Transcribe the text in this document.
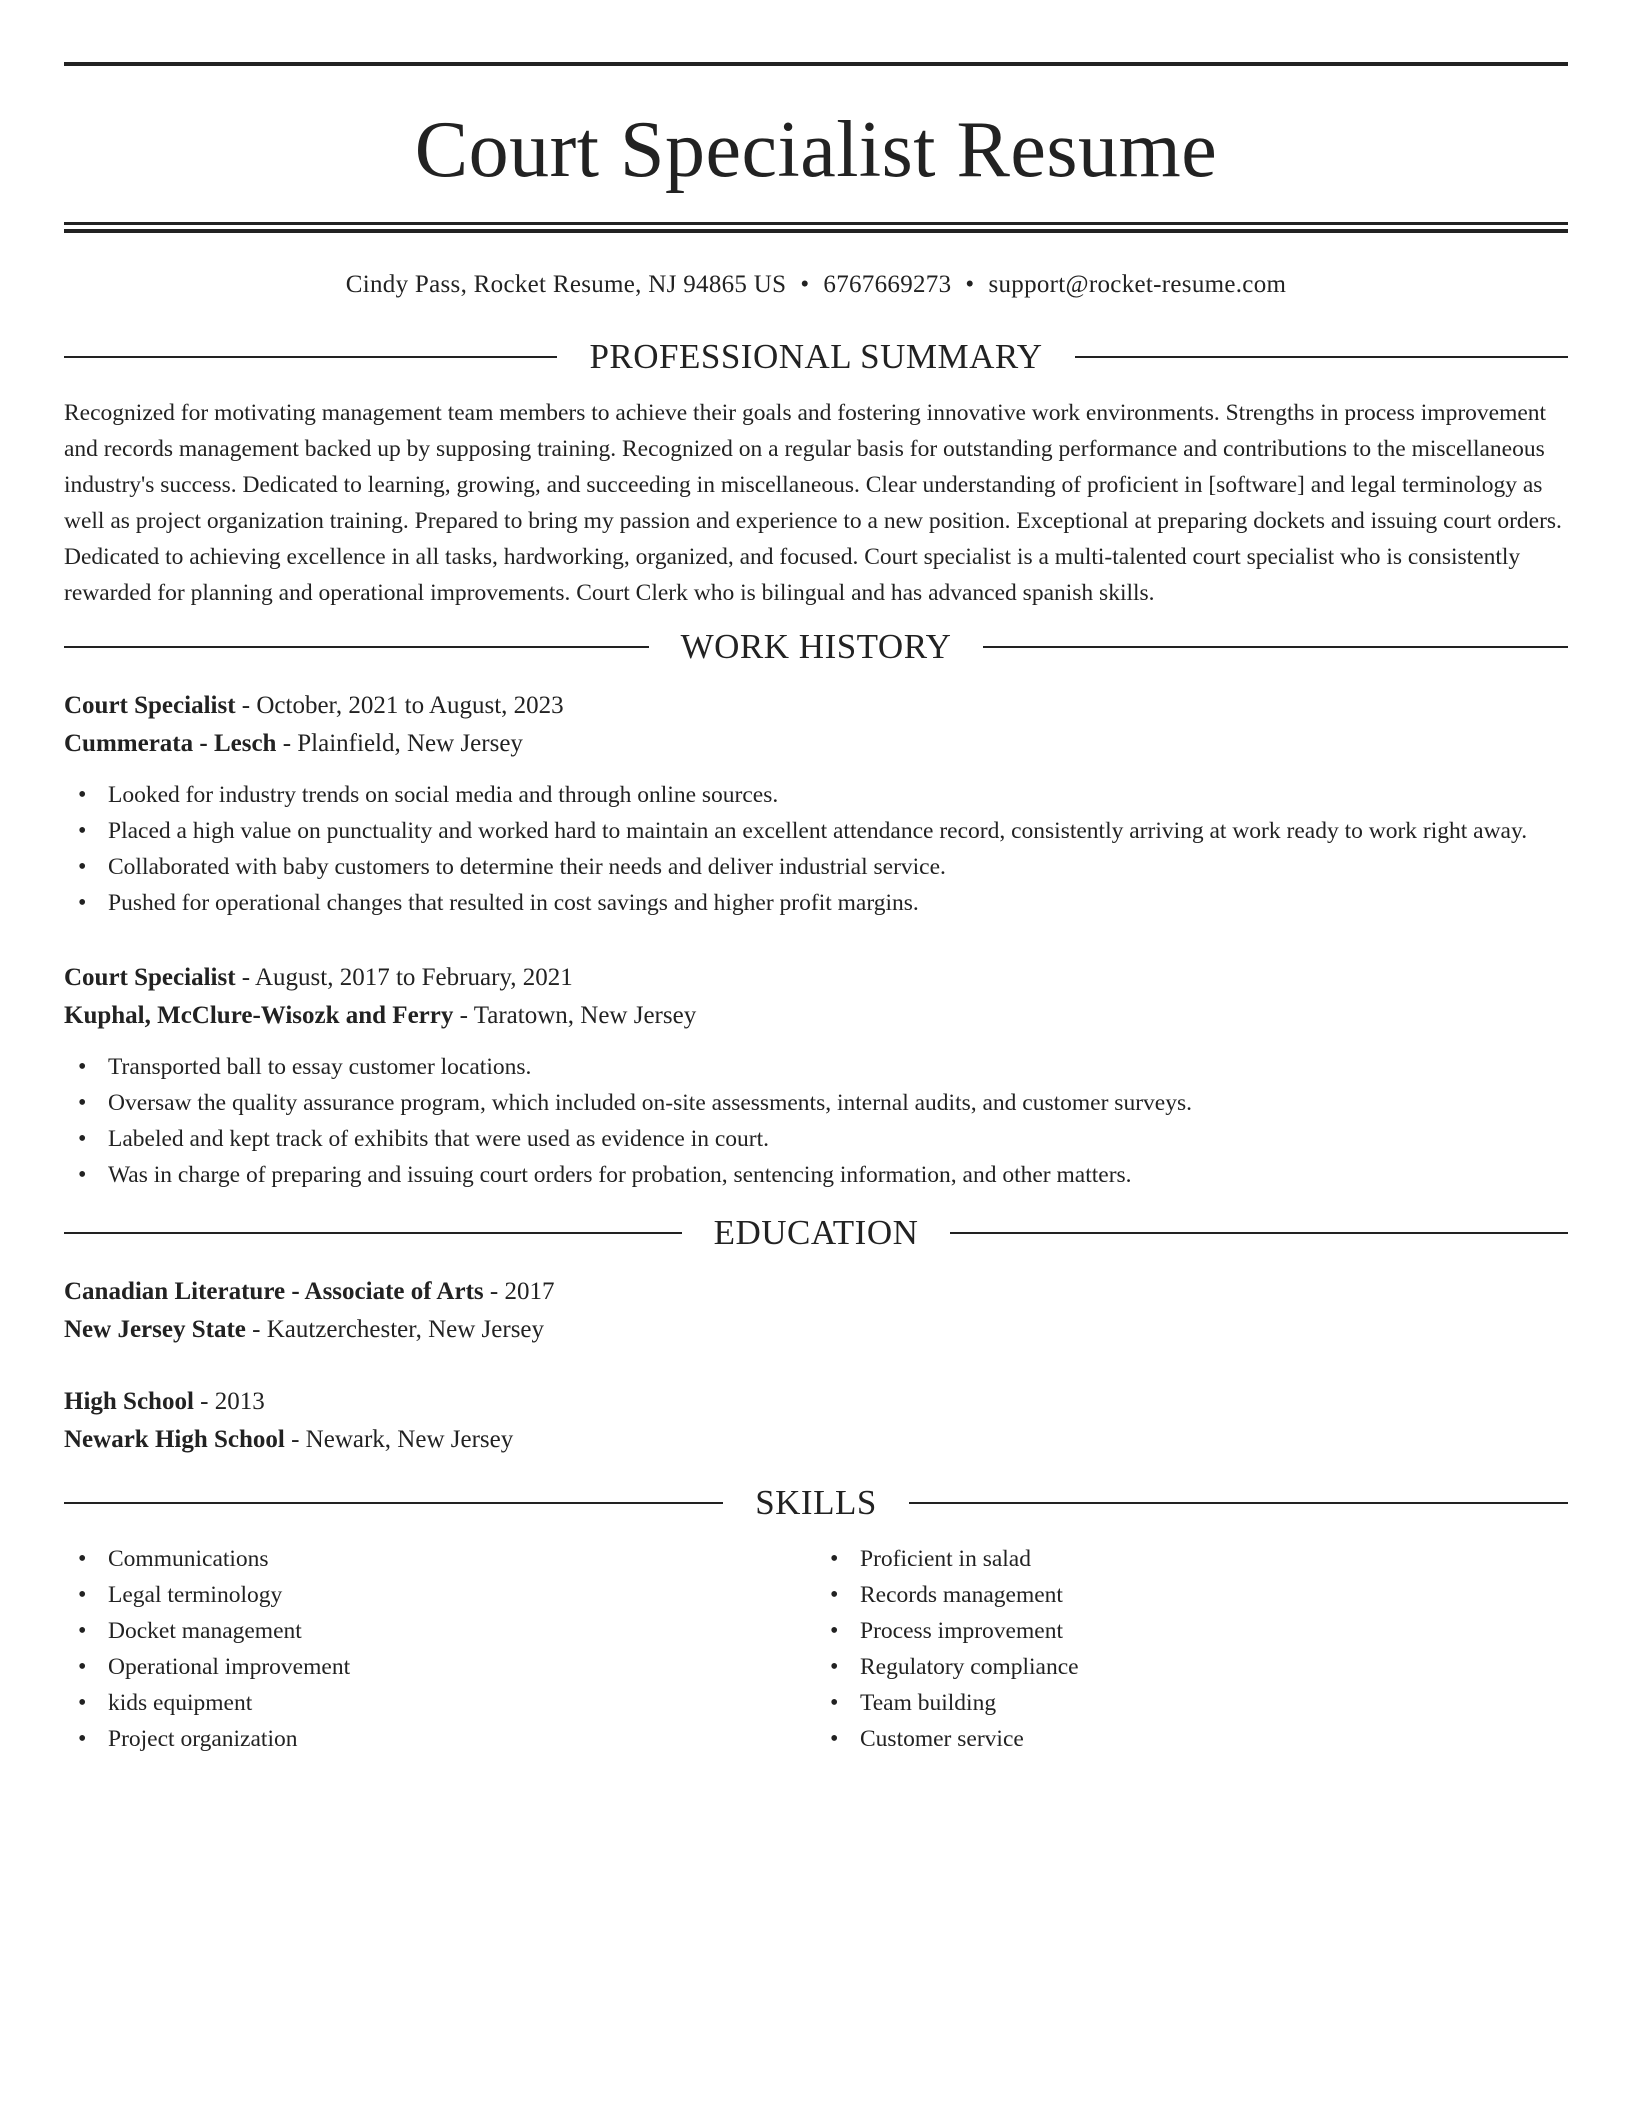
Court Specialist Resume
Cindy Pass, Rocket Resume, NJ 94865 US • 6767669273 • support@rocket-resume.com
PROFESSIONAL SUMMARY

Recognized for motivating management team members to achieve their goals and fostering innovative work environments. Strengths in process improvement and records management backed up by supposing training. Recognized on a regular basis for outstanding performance and contributions to the miscellaneous industry's success. Dedicated to learning, growing, and succeeding in miscellaneous. Clear understanding of proficient in [software] and legal terminology as well as project organization training. Prepared to bring my passion and experience to a new position. Exceptional at preparing dockets and issuing court orders. Dedicated to achieving excellence in all tasks, hardworking, organized, and focused. Court specialist is a multi-talented court specialist who is consistently rewarded for planning and operational improvements. Court Clerk who is bilingual and has advanced spanish skills.

WORK HISTORY
Court Specialist - October, 2021 to August, 2023
Cummerata - Lesch - Plainfield, New Jersey
• Looked for industry trends on social media and through online sources.
• Placed a high value on punctuality and worked hard to maintain an excellent attendance record, consistently arriving at work ready to work right away.
• Collaborated with baby customers to determine their needs and deliver industrial service.
• Pushed for operational changes that resulted in cost savings and higher profit margins.
Court Specialist - August, 2017 to February, 2021
Kuphal, McClure-Wisozk and Ferry - Taratown, New Jersey
• Transported ball to essay customer locations.
• Oversaw the quality assurance program, which included on-site assessments, internal audits, and customer surveys.
• Labeled and kept track of exhibits that were used as evidence in court.
• Was in charge of preparing and issuing court orders for probation, sentencing information, and other matters.
EDUCATION
Canadian Literature - Associate of Arts - 2017
New Jersey State - Kautzerchester, New Jersey
High School - 2013
Newark High School - Newark, New Jersey
SKILLS
• Communications
• Legal terminology
• Docket management
• Operational improvement
• kids equipment
• Project organization
• Proficient in salad
• Records management
• Process improvement
• Regulatory compliance
• Team building
• Customer service
